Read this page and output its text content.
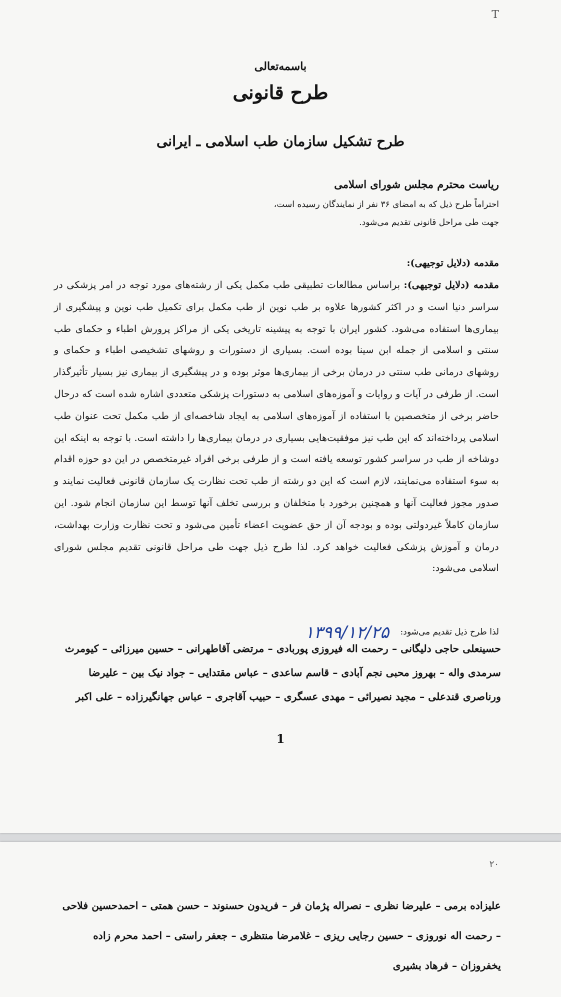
T
باسمه‌تعالی
طرح قانونی
طرح تشکیل سازمان طب اسلامی ـ ایرانی
ریاست محترم مجلس شورای اسلامی
احتراماً طرح ذیل که به امضای ۳۶ نفر از نمایندگان رسیده است،
جهت طی مراحل قانونی تقدیم می‌شود.
مقدمه (دلایل توجیهی):
مقدمه (دلایل توجیهی): براساس مطالعات تطبیقی طب مکمل یکی از رشته‌های مورد توجه در امر پزشکی در سراسر دنیا است و در اکثر کشورها علاوه بر طب نوین از طب مکمل برای تکمیل طب نوین و پیشگیری از بیماری‌ها استفاده می‌شود. کشور ایران با توجه به پیشینه تاریخی یکی از مراکز پرورش اطباء و حکمای طب سنتی و اسلامی از جمله ابن سینا بوده است. بسیاری از دستورات و روشهای تشخیصی اطباء و حکمای و روشهای درمانی طب سنتی در درمان برخی از بیماری‌ها موثر بوده و در پیشگیری از بیماری نیز بسیار تأثیرگذار است. از طرفی در آیات و روایات و آموزه‌های اسلامی به دستورات پزشکی متعددی اشاره شده است که درحال حاضر برخی از متخصصین با استفاده از آموزه‌های اسلامی به ایجاد شاخصه‌ای از طب مکمل تحت عنوان طب اسلامی پرداخته‌اند که این طب نیز موفقیت‌هایی بسیاری در درمان بیماری‌ها را داشته است. با توجه به اینکه این دوشاخه از طب در سراسر کشور توسعه یافته است و از طرفی برخی افراد غیرمتخصص در این دو حوزه اقدام به سوء استفاده می‌نمایند، لازم است که این دو رشته از طب تحت نظارت یک سازمان قانونی فعالیت نمایند و صدور مجوز فعالیت آنها و همچنین برخورد با متخلفان و بررسی تخلف آنها توسط این سازمان انجام شود. این سازمان کاملاً غیردولتی بوده و بودجه آن از حق عضویت اعضاء تأمین می‌شود و تحت نظارت وزارت بهداشت، درمان و آموزش پزشکی فعالیت خواهد کرد. لذا طرح ذیل جهت طی مراحل قانونی تقدیم مجلس شورای اسلامی می‌شود:
لذا طرح ذیل تقدیم می‌شود: ۱۳۹۹/۱۲/۲۵
حسینعلی حاجی دلیگانی – رحمت اله فیروزی پوربادی – مرتضی آقاطهرانی – حسین میرزائی – کیومرث
سرمدی واله – بهروز محبی نجم آبادی – قاسم ساعدی – عباس مقتدایی – جواد نیک بین – علیرضا
ورناصری قندعلی – مجید نصیرائی – مهدی عسگری – حبیب آقاجری – عباس جهانگیرزاده – علی اکبر
1
۲۰
علیزاده برمی – علیرضا نظری – نصراله پژمان فر – فریدون حسنوند – حسن همتی – احمدحسین فلاحی
– رحمت اله نوروزی – حسین رجایی ریزی – غلامرضا منتظری – جعفر راستی – احمد محرم زاده
یخفروزان – فرهاد بشیری
